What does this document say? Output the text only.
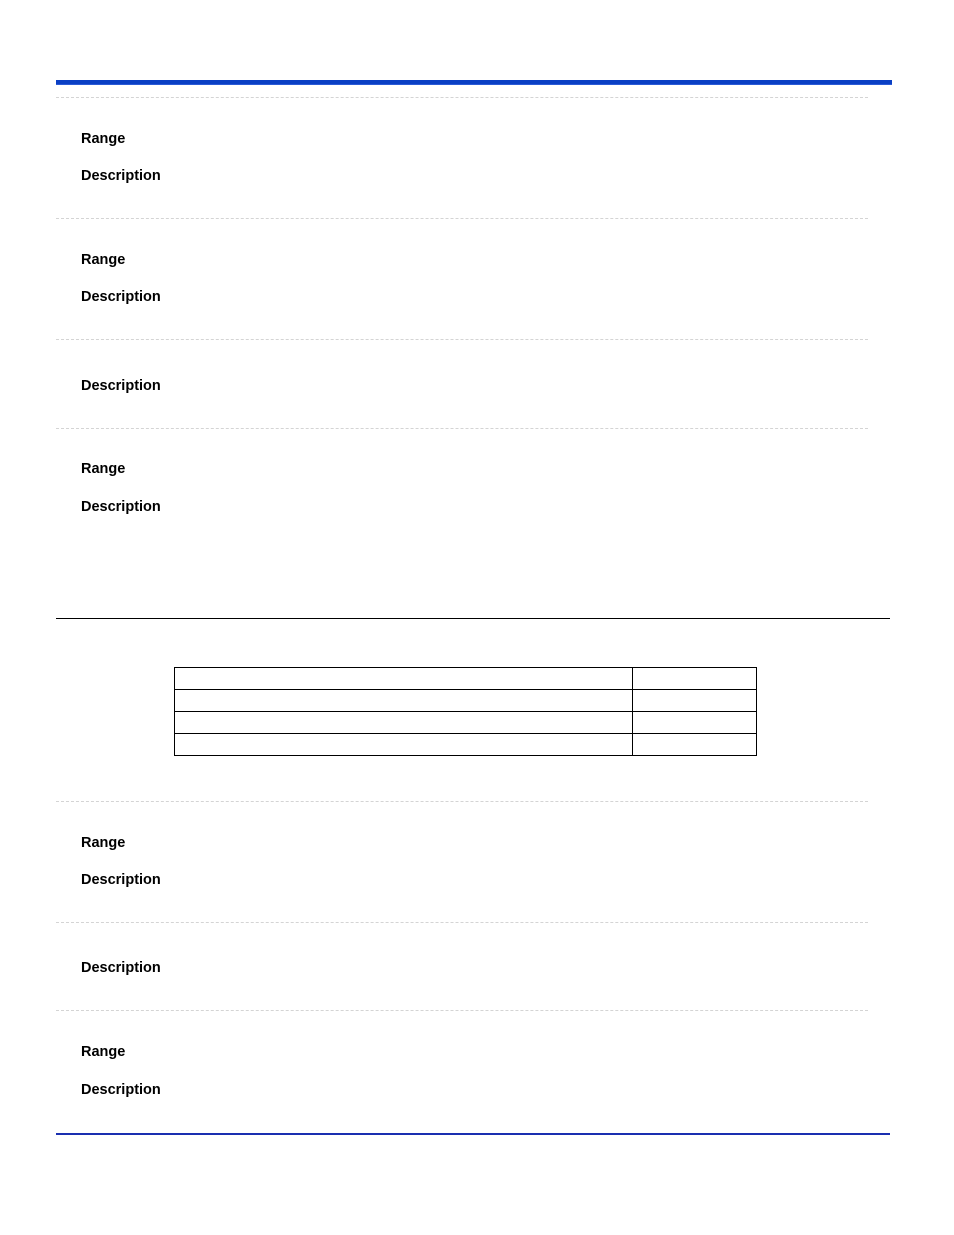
Range
Description
Range
Description
Description
Range
Description

Range
Description
Description
Range
Description
